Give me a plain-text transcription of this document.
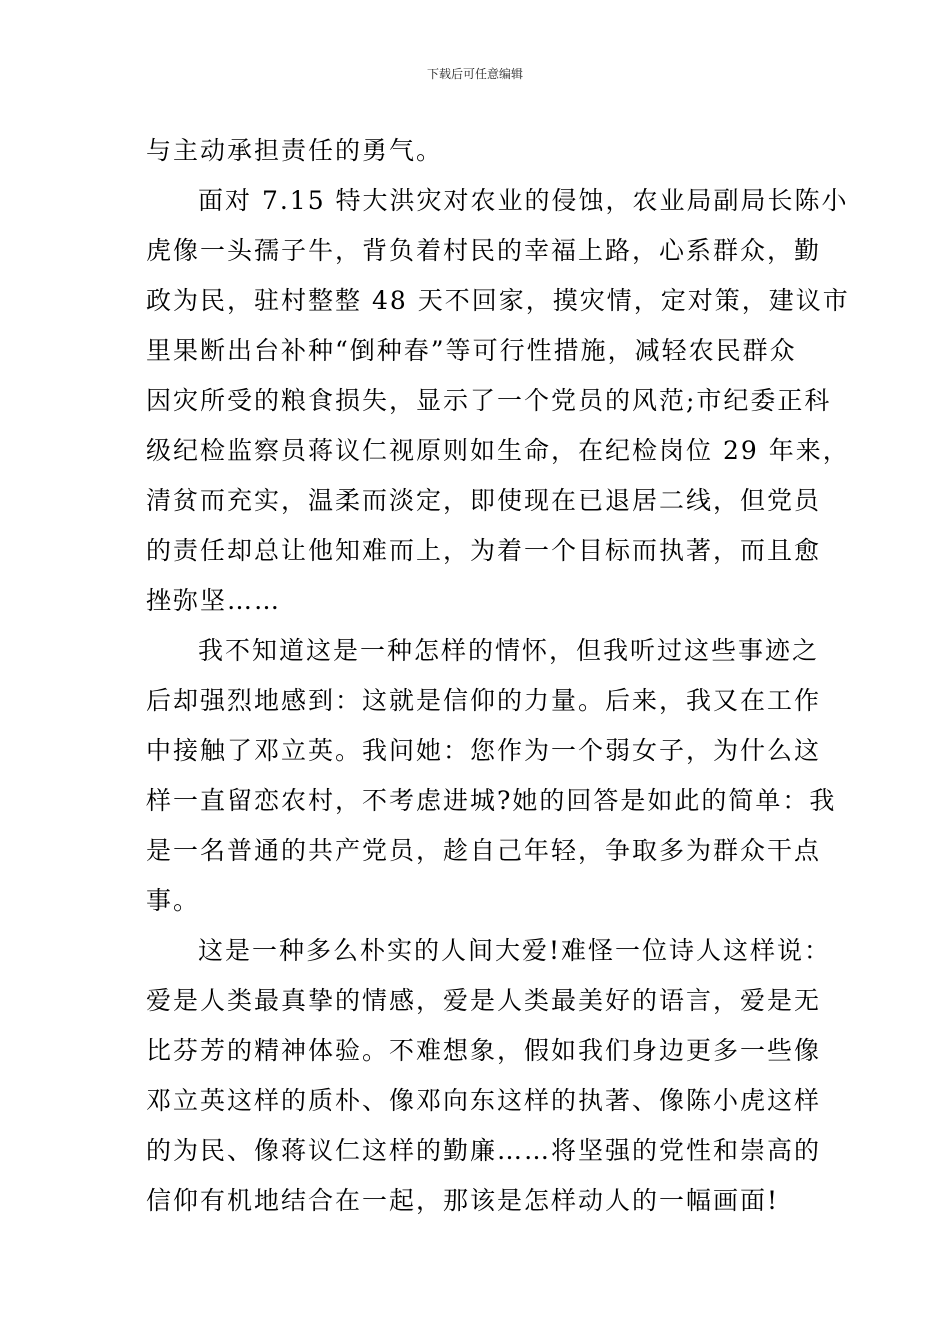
下载后可任意编辑
与主动承担责任的勇气。
面对 7.15 特大洪灾对农业的侵蚀，农业局副局长陈小
虎像一头孺子牛，背负着村民的幸福上路，心系群众，勤
政为民，驻村整整 48 天不回家，摸灾情，定对策，建议市
里果断出台补种“倒种春”等可行性措施，减轻农民群众
因灾所受的粮食损失，显示了一个党员的风范;市纪委正科
级纪检监察员蒋议仁视原则如生命，在纪检岗位 29 年来，
清贫而充实，温柔而淡定，即使现在已退居二线，但党员
的责任却总让他知难而上，为着一个目标而执著，而且愈
挫弥坚……
我不知道这是一种怎样的情怀，但我听过这些事迹之
后却强烈地感到：这就是信仰的力量。后来，我又在工作
中接触了邓立英。我问她：您作为一个弱女子，为什么这
样一直留恋农村，不考虑进城?她的回答是如此的简单：我
是一名普通的共产党员，趁自己年轻，争取多为群众干点
事。
这是一种多么朴实的人间大爱!难怪一位诗人这样说：
爱是人类最真挚的情感，爱是人类最美好的语言，爱是无
比芬芳的精神体验。不难想象，假如我们身边更多一些像
邓立英这样的质朴、像邓向东这样的执著、像陈小虎这样
的为民、像蒋议仁这样的勤廉……将坚强的党性和崇高的
信仰有机地结合在一起，那该是怎样动人的一幅画面!
